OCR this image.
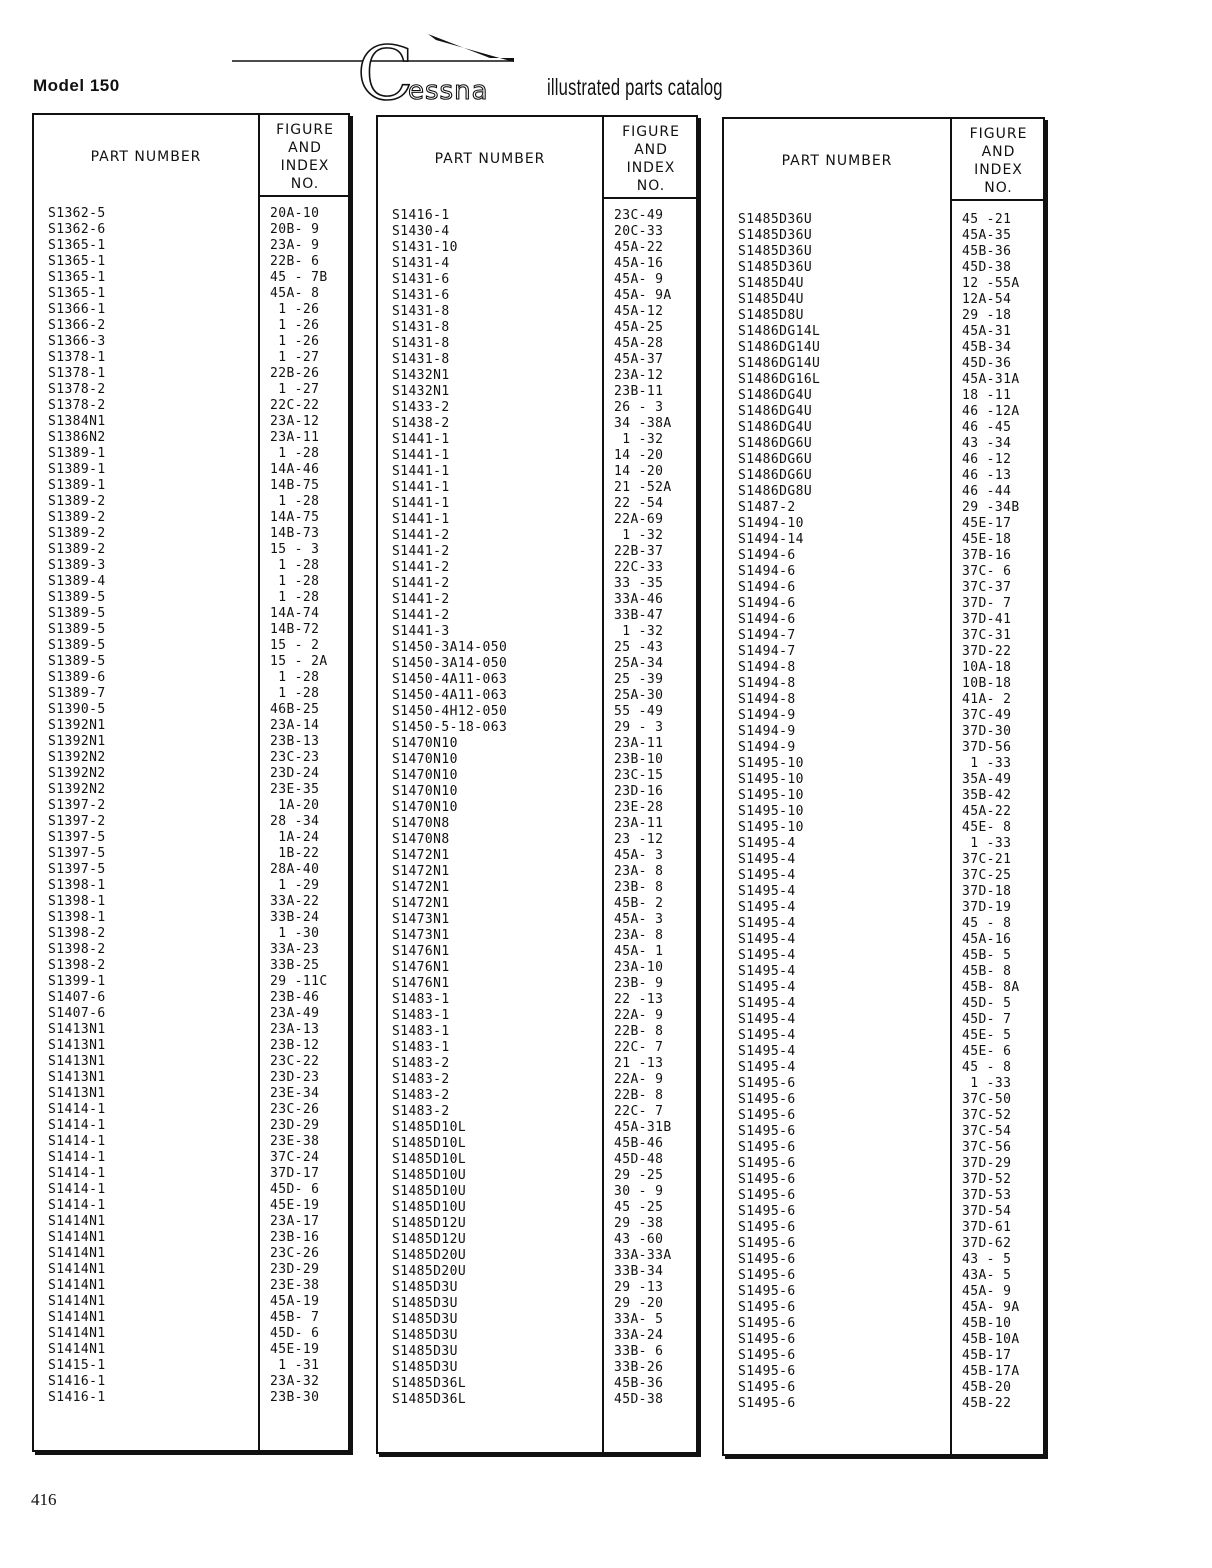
Model 150	C
essna	illustrated parts catalog
PART NUMBER
FIGURE
AND
INDEX
NO.
S1362-5	20A-10
S1362-6	20B- 9
S1365-1	23A- 9
S1365-1	22B- 6
S1365-1	45 - 7B
S1365-1	45A- 8
S1366-1	1 -26
S1366-2	1 -26
S1366-3	1 -26
S1378-1	1 -27
S1378-1	22B-26
S1378-2	1 -27
S1378-2	22C-22
S1384N1	23A-12
S1386N2	23A-11
S1389-1	1 -28
S1389-1	14A-46
S1389-1	14B-75
S1389-2	1 -28
S1389-2	14A-75
S1389-2	14B-73
S1389-2	15 - 3
S1389-3	1 -28
S1389-4	1 -28
S1389-5	1 -28
S1389-5	14A-74
S1389-5	14B-72
S1389-5	15 - 2
S1389-5	15 - 2A
S1389-6	1 -28
S1389-7	1 -28
S1390-5	46B-25
S1392N1	23A-14
S1392N1	23B-13
S1392N2	23C-23
S1392N2	23D-24
S1392N2	23E-35
S1397-2	1A-20
S1397-2	28 -34
S1397-5	1A-24
S1397-5	1B-22
S1397-5	28A-40
S1398-1	1 -29
S1398-1	33A-22
S1398-1	33B-24
S1398-2	1 -30
S1398-2	33A-23
S1398-2	33B-25
S1399-1	29 -11C
S1407-6	23B-46
S1407-6	23A-49
S1413N1	23A-13
S1413N1	23B-12
S1413N1	23C-22
S1413N1	23D-23
S1413N1	23E-34
S1414-1	23C-26
S1414-1	23D-29
S1414-1	23E-38
S1414-1	37C-24
S1414-1	37D-17
S1414-1	45D- 6
S1414-1	45E-19
S1414N1	23A-17
S1414N1	23B-16
S1414N1	23C-26
S1414N1	23D-29
S1414N1	23E-38
S1414N1	45A-19
S1414N1	45B- 7
S1414N1	45D- 6
S1414N1	45E-19
S1415-1	1 -31
S1416-1	23A-32
S1416-1	23B-30
PART NUMBER
FIGURE
AND
INDEX
NO.
S1416-1	23C-49
S1430-4	20C-33
S1431-10	45A-22
S1431-4	45A-16
S1431-6	45A- 9
S1431-6	45A- 9A
S1431-8	45A-12
S1431-8	45A-25
S1431-8	45A-28
S1431-8	45A-37
S1432N1	23A-12
S1432N1	23B-11
S1433-2	26 - 3
S1438-2	34 -38A
S1441-1	1 -32
S1441-1	14 -20
S1441-1	14 -20
S1441-1	21 -52A
S1441-1	22 -54
S1441-1	22A-69
S1441-2	1 -32
S1441-2	22B-37
S1441-2	22C-33
S1441-2	33 -35
S1441-2	33A-46
S1441-2	33B-47
S1441-3	1 -32
S1450-3A14-050	25 -43
S1450-3A14-050	25A-34
S1450-4A11-063	25 -39
S1450-4A11-063	25A-30
S1450-4H12-050	55 -49
S1450-5-18-063	29 - 3
S1470N10	23A-11
S1470N10	23B-10
S1470N10	23C-15
S1470N10	23D-16
S1470N10	23E-28
S1470N8	23A-11
S1470N8	23 -12
S1472N1	45A- 3
S1472N1	23A- 8
S1472N1	23B- 8
S1472N1	45B- 2
S1473N1	45A- 3
S1473N1	23A- 8
S1476N1	45A- 1
S1476N1	23A-10
S1476N1	23B- 9
S1483-1	22 -13
S1483-1	22A- 9
S1483-1	22B- 8
S1483-1	22C- 7
S1483-2	21 -13
S1483-2	22A- 9
S1483-2	22B- 8
S1483-2	22C- 7
S1485D10L	45A-31B
S1485D10L	45B-46
S1485D10L	45D-48
S1485D10U	29 -25
S1485D10U	30 - 9
S1485D10U	45 -25
S1485D12U	29 -38
S1485D12U	43 -60
S1485D20U	33A-33A
S1485D20U	33B-34
S1485D3U	29 -13
S1485D3U	29 -20
S1485D3U	33A- 5
S1485D3U	33A-24
S1485D3U	33B- 6
S1485D3U	33B-26
S1485D36L	45B-36
S1485D36L	45D-38
PART NUMBER
FIGURE
AND
INDEX
NO.
S1485D36U	45 -21
S1485D36U	45A-35
S1485D36U	45B-36
S1485D36U	45D-38
S1485D4U	12 -55A
S1485D4U	12A-54
S1485D8U	29 -18
S1486DG14L	45A-31
S1486DG14U	45B-34
S1486DG14U	45D-36
S1486DG16L	45A-31A
S1486DG4U	18 -11
S1486DG4U	46 -12A
S1486DG4U	46 -45
S1486DG6U	43 -34
S1486DG6U	46 -12
S1486DG6U	46 -13
S1486DG8U	46 -44
S1487-2	29 -34B
S1494-10	45E-17
S1494-14	45E-18
S1494-6	37B-16
S1494-6	37C- 6
S1494-6	37C-37
S1494-6	37D- 7
S1494-6	37D-41
S1494-7	37C-31
S1494-7	37D-22
S1494-8	10A-18
S1494-8	10B-18
S1494-8	41A- 2
S1494-9	37C-49
S1494-9	37D-30
S1494-9	37D-56
S1495-10	1 -33
S1495-10	35A-49
S1495-10	35B-42
S1495-10	45A-22
S1495-10	45E- 8
S1495-4	1 -33
S1495-4	37C-21
S1495-4	37C-25
S1495-4	37D-18
S1495-4	37D-19
S1495-4	45 - 8
S1495-4	45A-16
S1495-4	45B- 5
S1495-4	45B- 8
S1495-4	45B- 8A
S1495-4	45D- 5
S1495-4	45D- 7
S1495-4	45E- 5
S1495-4	45E- 6
S1495-4	45 - 8
S1495-6	1 -33
S1495-6	37C-50
S1495-6	37C-52
S1495-6	37C-54
S1495-6	37C-56
S1495-6	37D-29
S1495-6	37D-52
S1495-6	37D-53
S1495-6	37D-54
S1495-6	37D-61
S1495-6	37D-62
S1495-6	43 - 5
S1495-6	43A- 5
S1495-6	45A- 9
S1495-6	45A- 9A
S1495-6	45B-10
S1495-6	45B-10A
S1495-6	45B-17
S1495-6	45B-17A
S1495-6	45B-20
S1495-6	45B-22
416
